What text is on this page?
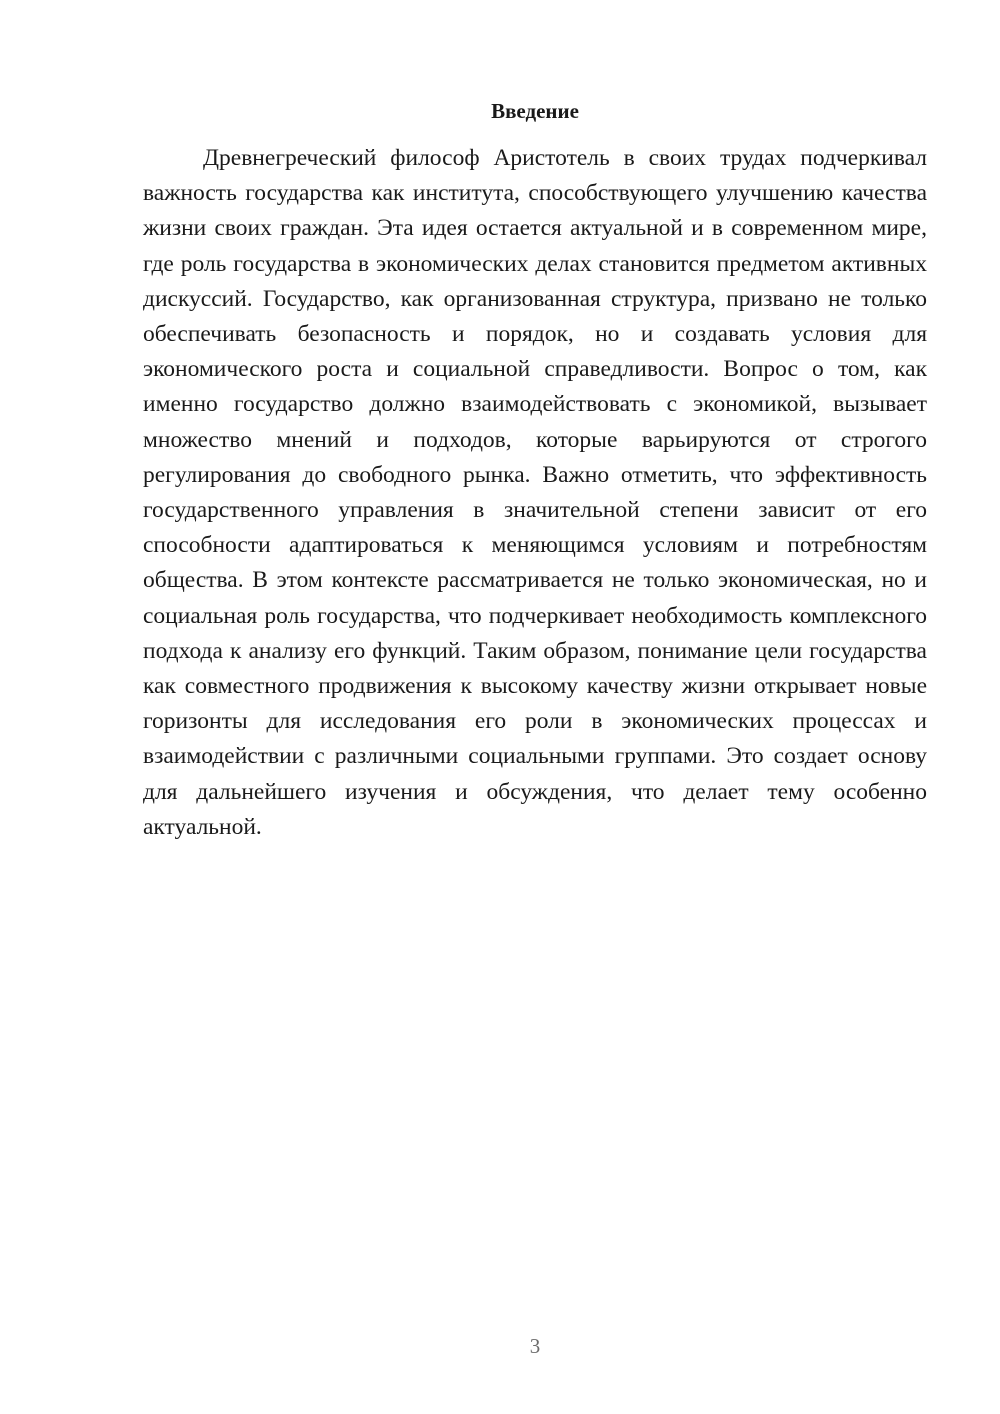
Введение

Древнегреческий философ Аристотель в своих трудах подчеркивал важность государства как института, способствующего улучшению качества жизни своих граждан. Эта идея остается актуальной и в современном мире, где роль государства в экономических делах становится предметом активных дискуссий. Государство, как организованная структура, призвано не только обеспечивать безопасность и порядок, но и создавать условия для экономического роста и социальной справедливости. Вопрос о том, как именно государство должно взаимодействовать с экономикой, вызывает множество мнений и подходов, которые варьируются от строгого регулирования до свободного рынка. Важно отметить, что эффективность государственного управления в значительной степени зависит от его способности адаптироваться к меняющимся условиям и потребностям общества. В этом контексте рассматривается не только экономическая, но и социальная роль государства, что подчеркивает необходимость комплексного подхода к анализу его функций. Таким образом, понимание цели государства как совместного продвижения к высокому качеству жизни открывает новые горизонты для исследования его роли в экономических процессах и взаимодействии с различными социальными группами. Это создает основу для дальнейшего изучения и обсуждения, что делает тему особенно актуальной.

3
